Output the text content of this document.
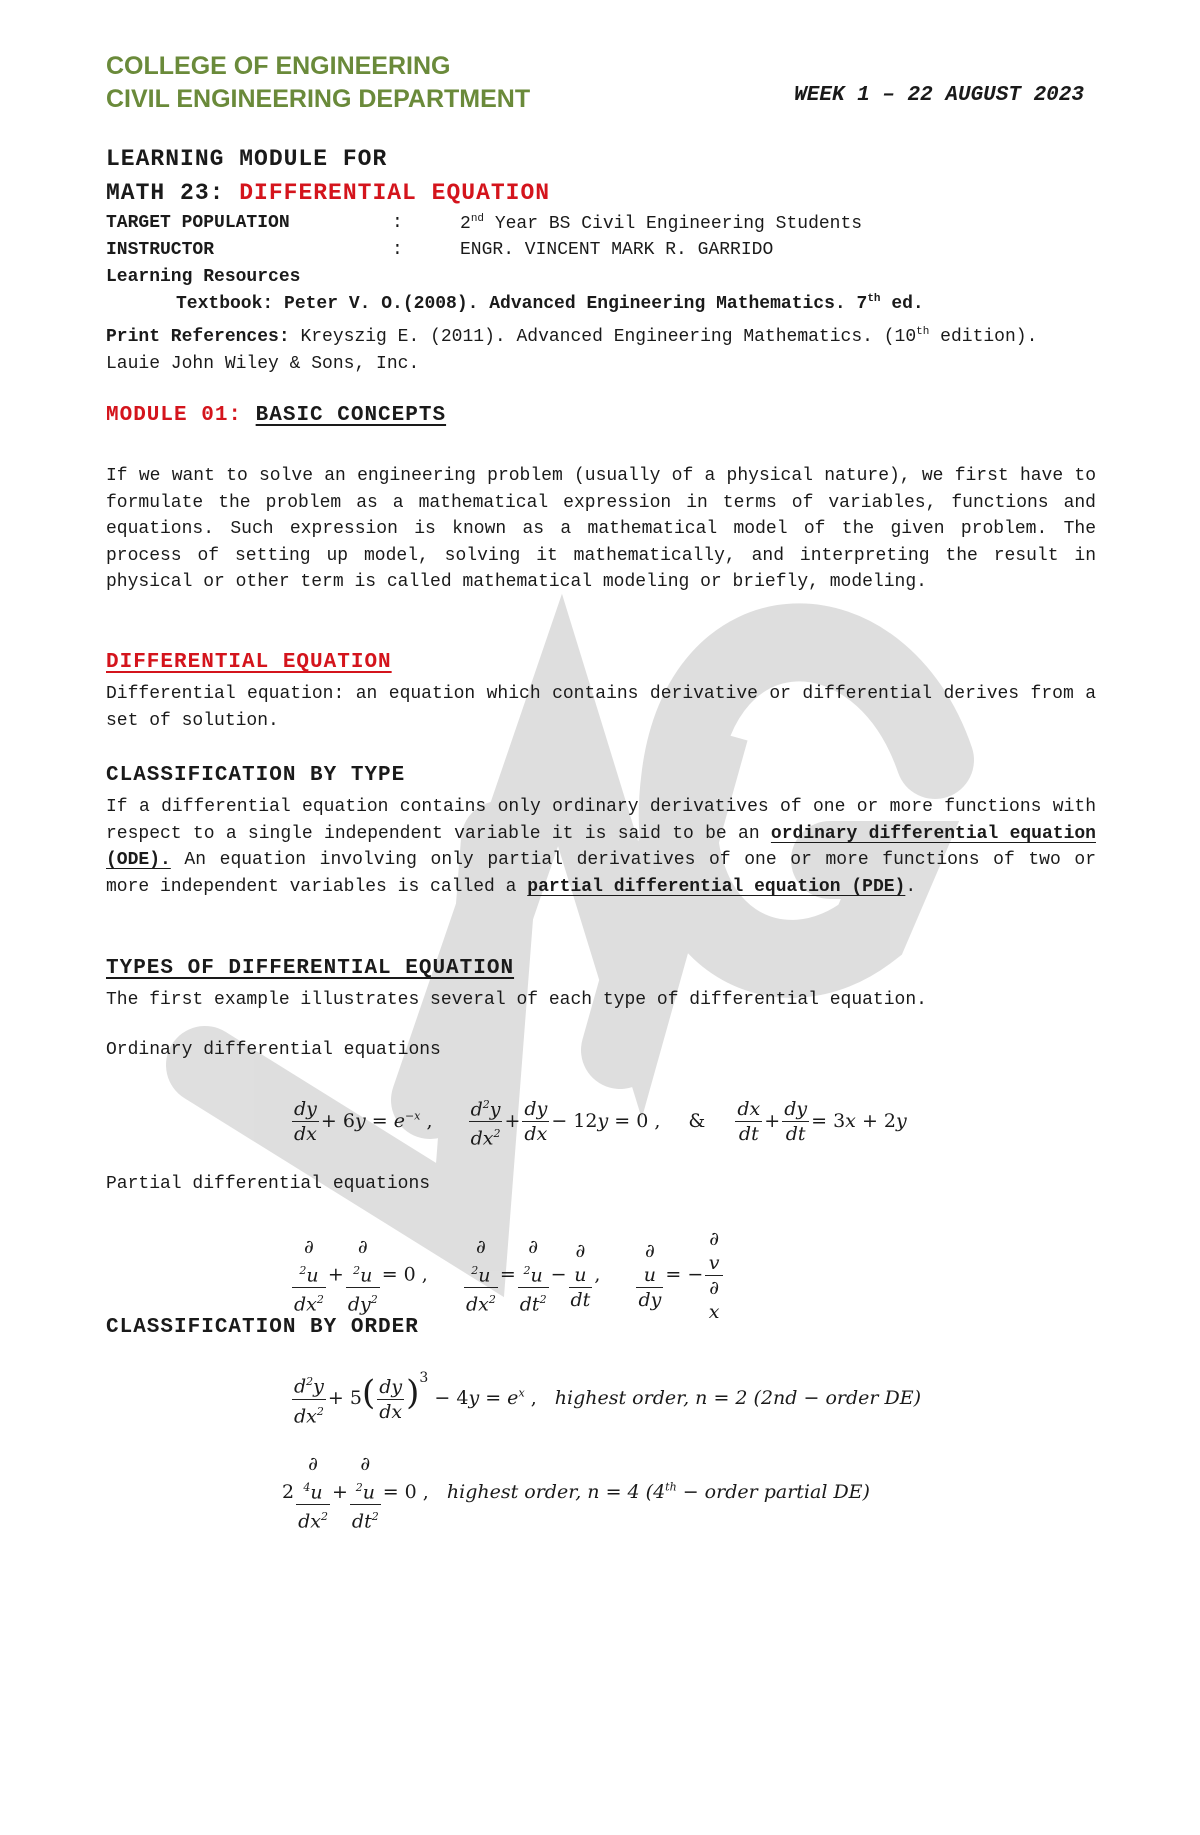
COLLEGE OF ENGINEERING
CIVIL ENGINEERING DEPARTMENT	WEEK 1 – 22 AUGUST 2023
LEARNING MODULE FOR
MATH 23: DIFFERENTIAL EQUATION
TARGET POPULATION	:	2nd Year BS Civil Engineering Students
INSTRUCTOR	:	ENGR. VINCENT MARK R. GARRIDO
Learning Resources
Textbook: Peter V. O.(2008). Advanced Engineering Mathematics. 7th ed.
Print References: Kreyszig E. (2011). Advanced Engineering Mathematics. (10th edition). Lauie John Wiley & Sons, Inc.
MODULE 01: BASIC CONCEPTS

If we want to solve an engineering problem (usually of a physical nature), we first have to formulate the problem as a mathematical expression in terms of variables, functions and equations. Such expression is known as a mathematical model of the given problem. The process of setting up model, solving it mathematically, and interpreting the result in physical or other term is called mathematical modeling or briefly, modeling.

DIFFERENTIAL EQUATION

Differential equation: an equation which contains derivative or differential derives from a set of solution.

CLASSIFICATION BY TYPE

If a differential equation contains only ordinary derivatives of one or more functions with respect to a single independent variable it is said to be an ordinary differential equation (ODE). An equation involving only partial derivatives of one or more functions of two or more independent variables is called a partial differential equation (PDE).

TYPES OF DIFFERENTIAL EQUATION

The first example illustrates several of each type of differential equation.

Ordinary differential equations

$\frac{dy}{dx} + 6y = e^{-x}$ , $\frac{d^2y}{dx^2} + \frac{dy}{dx} - 12y = 0$ , & $\frac{dx}{dt} + \frac{dy}{dt} = 3x + 2y$

Partial differential equations

∂
$^2$u
$dx^2$ + ∂
$^2$u
$dy^2 = 0$ , ∂
$^2$u
$dx^2$ = ∂
$^2$u
$dt^2$ − ∂
u
dt , ∂
u
dy = − ∂
v
∂
x
CLASSIFICATION BY ORDER
$\frac{d^2y}{dx^2} + 5( \frac{dy}{dx} )^3 - 4y = e^x$ , highest order, n = 2 (2nd − order DE)
2 ∂
$^4$u
$dx^2$ + ∂
$^2$u
$dt^2 = 0$ , highest order, n = 4 (4th − order partial DE)
